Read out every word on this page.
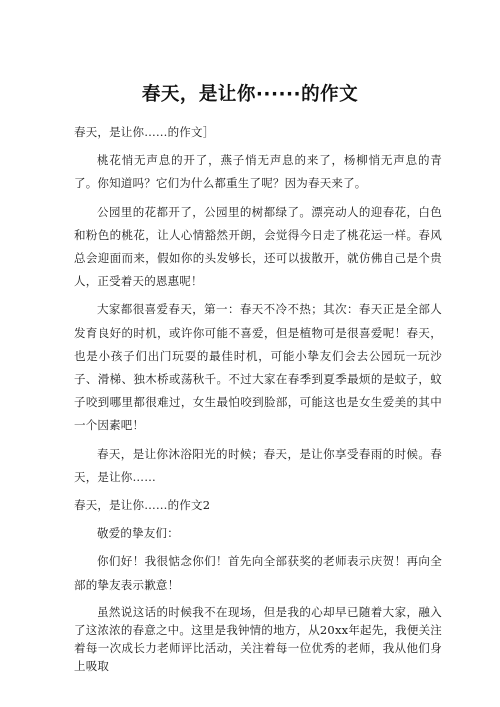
春天，是让你······的作文

春天，是让你……的作文］

桃花悄无声息的开了，燕子悄无声息的来了，杨柳悄无声息的青了。你知道吗？它们为什么都重生了呢？因为春天来了。

公园里的花都开了，公园里的树都绿了。漂亮动人的迎春花，白色和粉色的桃花，让人心情豁然开朗，会觉得今日走了桃花运一样。春风总会迎面而来，假如你的头发够长，还可以拔散开，就仿佛自己是个贵人，正受着天的恩惠呢！

大家都很喜爱春天，第一：春天不冷不热；其次：春天正是全部人发育良好的时机，或许你可能不喜爱，但是植物可是很喜爱呢！春天，也是小孩子们出门玩耍的最佳时机，可能小挚友们会去公园玩一玩沙子、滑梯、独木桥或荡秋千。不过大家在春季到夏季最烦的是蚊子，蚊子咬到哪里都很难过，女生最怕咬到脸部，可能这也是女生爱美的其中一个因素吧！

春天，是让你沐浴阳光的时候；春天，是让你享受春雨的时候。春天，是让你……

春天，是让你……的作文2

敬爱的挚友们：

你们好！我很惦念你们！首先向全部获奖的老师表示庆贺！再向全部的挚友表示歉意！

虽然说这话的时候我不在现场，但是我的心却早已随着大家，融入了这浓浓的春意之中。这里是我钟情的地方，从20xx年起先，我便关注着每一次成长力老师评比活动，关注着每一位优秀的老师，我从他们身上吸取
